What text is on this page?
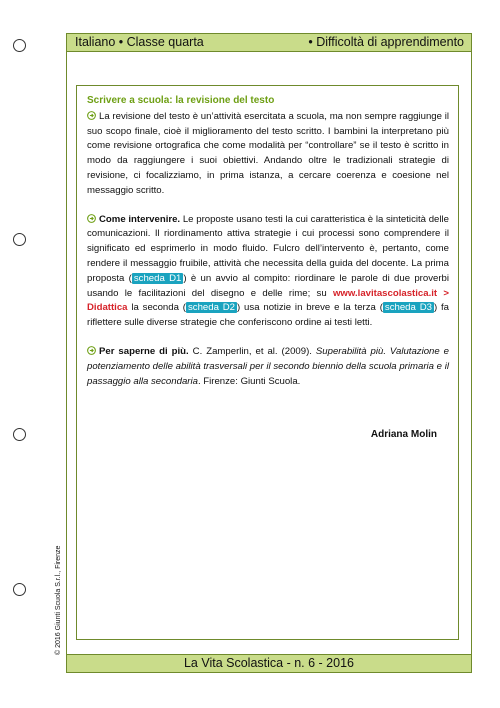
Italiano • Classe quarta	• Difficoltà di apprendimento
Scrivere a scuola: la revisione del testo

La revisione del testo è un’attività esercitata a scuola, ma non sempre raggiunge il suo scopo finale, cioè il miglioramento del testo scritto. I bambini la interpretano più come revisione ortografica che come modalità per “controllare” se il testo è scritto in modo da raggiungere i suoi obiettivi. Andando oltre le tradizionali strategie di revisione, ci focalizziamo, in prima istanza, a cercare coerenza e coesione nel messaggio scritto.

Come intervenire. Le proposte usano testi la cui caratteristica è la sinteticità delle comunicazioni. Il riordinamento attiva strategie i cui processi sono comprendere il significato ed esprimerlo in modo fluido. Fulcro dell’intervento è, pertanto, come rendere il messaggio fruibile, attività che necessita della guida del docente. La prima proposta ( scheda D1 ) è un avvio al compito: riordinare le parole di due proverbi usando le facilitazioni del disegno e delle rime; su www.lavitascolastica.it > Didattica la seconda ( scheda D2 ) usa notizie in breve e la terza ( scheda D3 ) fa riflettere sulle diverse strategie che conferiscono ordine ai testi letti.

Per saperne di più. C. Zamperlin, et al. (2009). Superabilità più. Valutazione e potenziamento delle abilità trasversali per il secondo biennio della scuola primaria e il passaggio alla secondaria. Firenze: Giunti Scuola.

Adriana Molin
© 2016 Giunti Scuola S.r.l., Firenze
La Vita Scolastica - n. 6 - 2016
